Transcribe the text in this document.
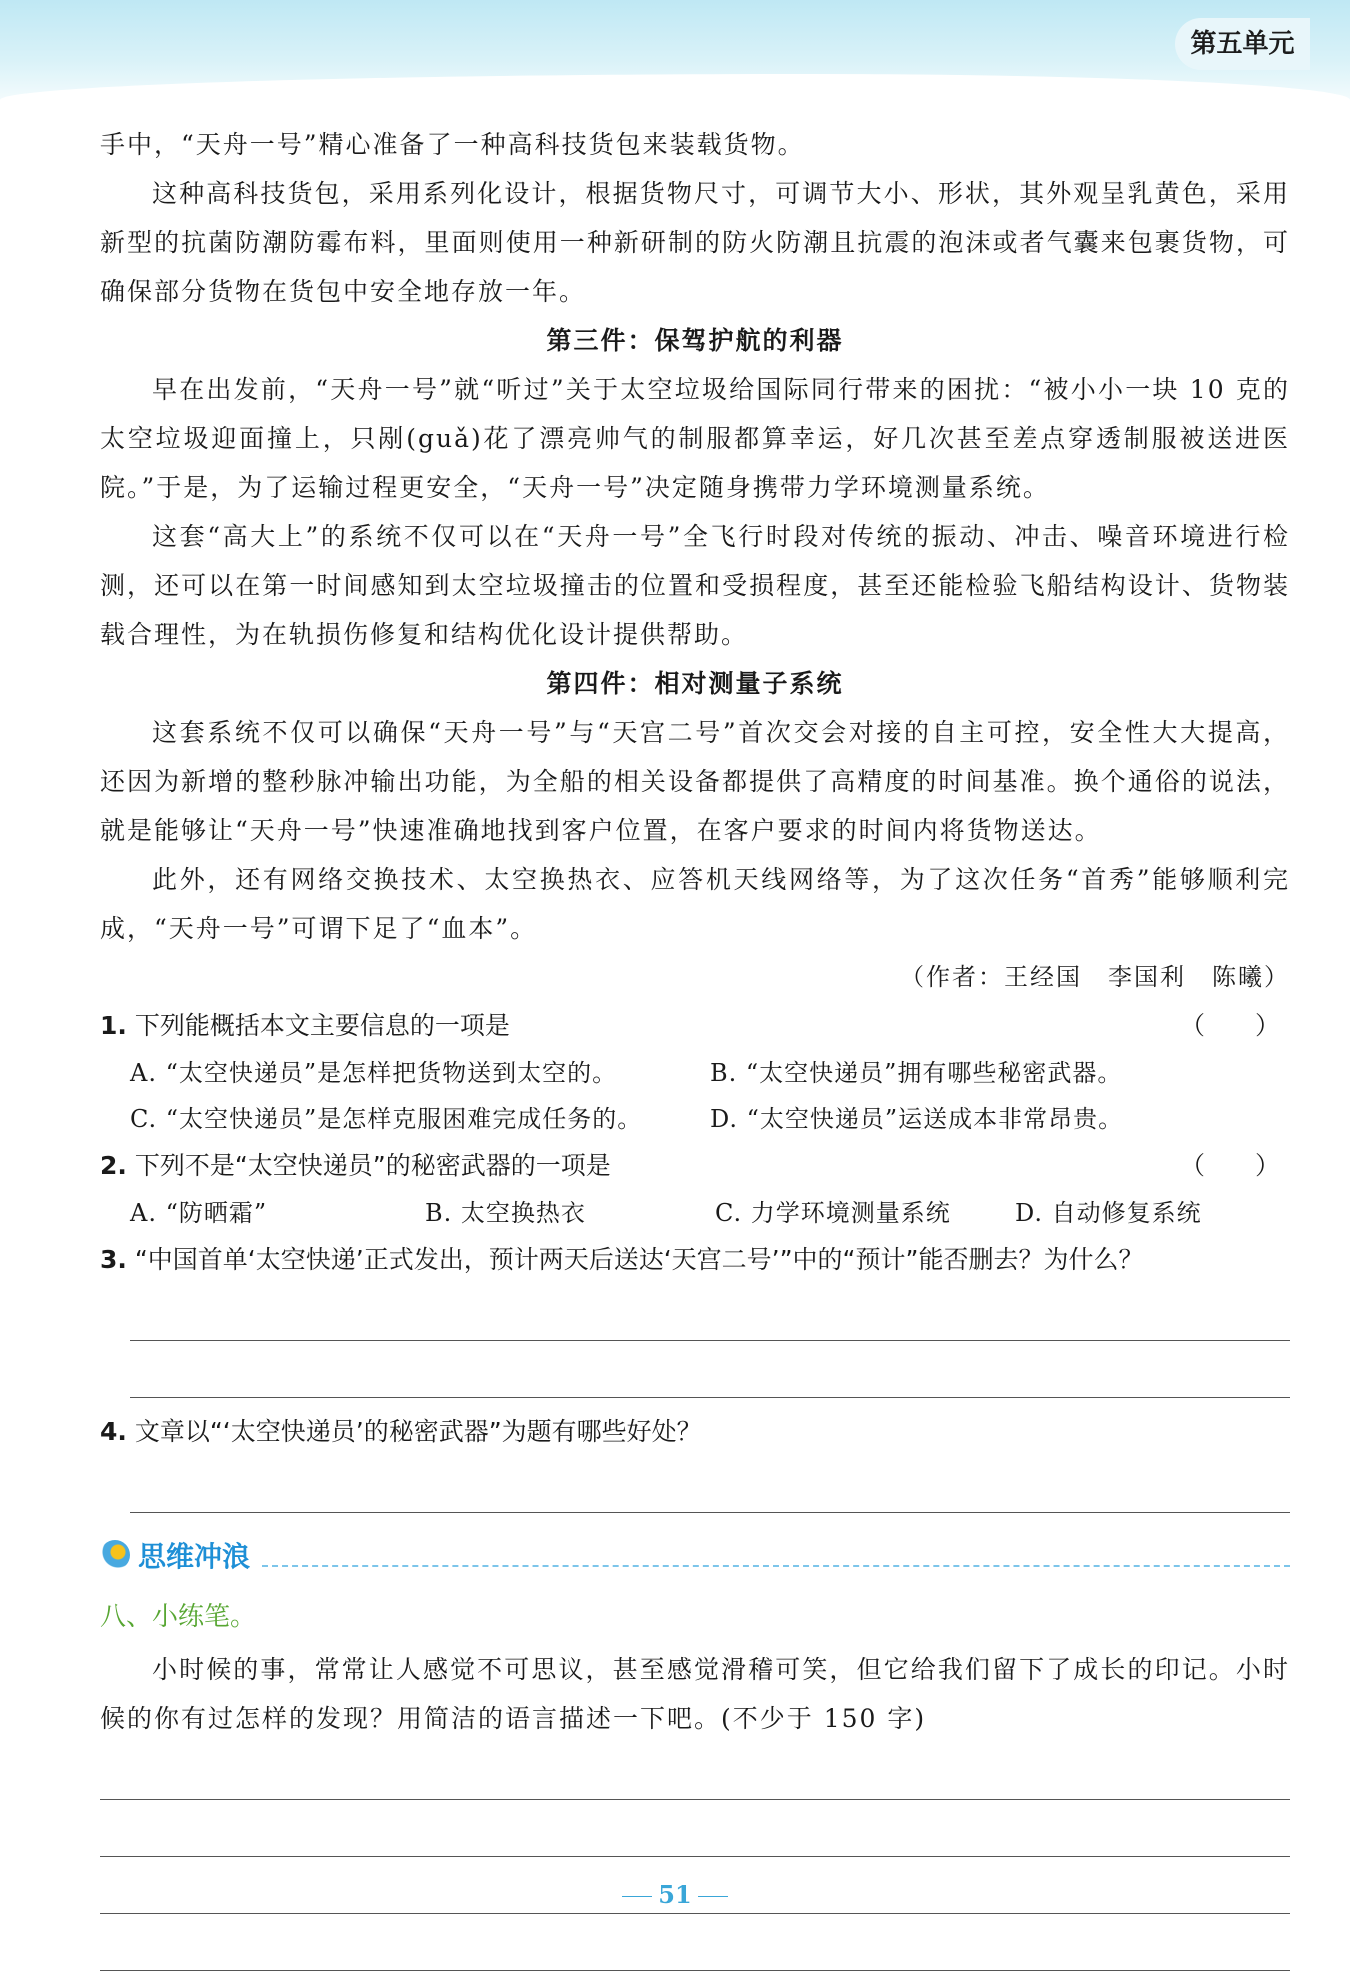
第五单元

手中，“天舟一号”精心准备了一种高科技货包来装载货物。

这种高科技货包，采用系列化设计，根据货物尺寸，可调节大小、形状，其外观呈乳黄色，采用新型的抗菌防潮防霉布料，里面则使用一种新研制的防火防潮且抗震的泡沫或者气囊来包裹货物，可确保部分货物在货包中安全地存放一年。

第三件：保驾护航的利器

早在出发前，“天舟一号”就“听过”关于太空垃圾给国际同行带来的困扰：“被小小一块 10 克的太空垃圾迎面撞上，只剐(guǎ)花了漂亮帅气的制服都算幸运，好几次甚至差点穿透制服被送进医院。”于是，为了运输过程更安全，“天舟一号”决定随身携带力学环境测量系统。

这套“高大上”的系统不仅可以在“天舟一号”全飞行时段对传统的振动、冲击、噪音环境进行检测，还可以在第一时间感知到太空垃圾撞击的位置和受损程度，甚至还能检验飞船结构设计、货物装载合理性，为在轨损伤修复和结构优化设计提供帮助。

第四件：相对测量子系统

这套系统不仅可以确保“天舟一号”与“天宫二号”首次交会对接的自主可控，安全性大大提高，还因为新增的整秒脉冲输出功能，为全船的相关设备都提供了高精度的时间基准。换个通俗的说法，就是能够让“天舟一号”快速准确地找到客户位置，在客户要求的时间内将货物送达。

此外，还有网络交换技术、太空换热衣、应答机天线网络等，为了这次任务“首秀”能够顺利完成，“天舟一号”可谓下足了“血本”。

（作者：王经国　李国利　陈曦）

1. 下列能概括本文主要信息的一项是	（　　）
A. “太空快递员”是怎样把货物送到太空的。	B. “太空快递员”拥有哪些秘密武器。
C. “太空快递员”是怎样克服困难完成任务的。	D. “太空快递员”运送成本非常昂贵。
2. 下列不是“太空快递员”的秘密武器的一项是	（　　）
A. “防晒霜”	B. 太空换热衣	C. 力学环境测量系统	D. 自动修复系统
3. “中国首单‘太空快递’正式发出，预计两天后送达‘天宫二号’”中的“预计”能否删去？为什么？
4. 文章以“‘太空快递员’的秘密武器”为题有哪些好处？
思维冲浪
八、小练笔。

小时候的事，常常让人感觉不可思议，甚至感觉滑稽可笑，但它给我们留下了成长的印记。小时候的你有过怎样的发现？用简洁的语言描述一下吧。(不少于 150 字)

51
